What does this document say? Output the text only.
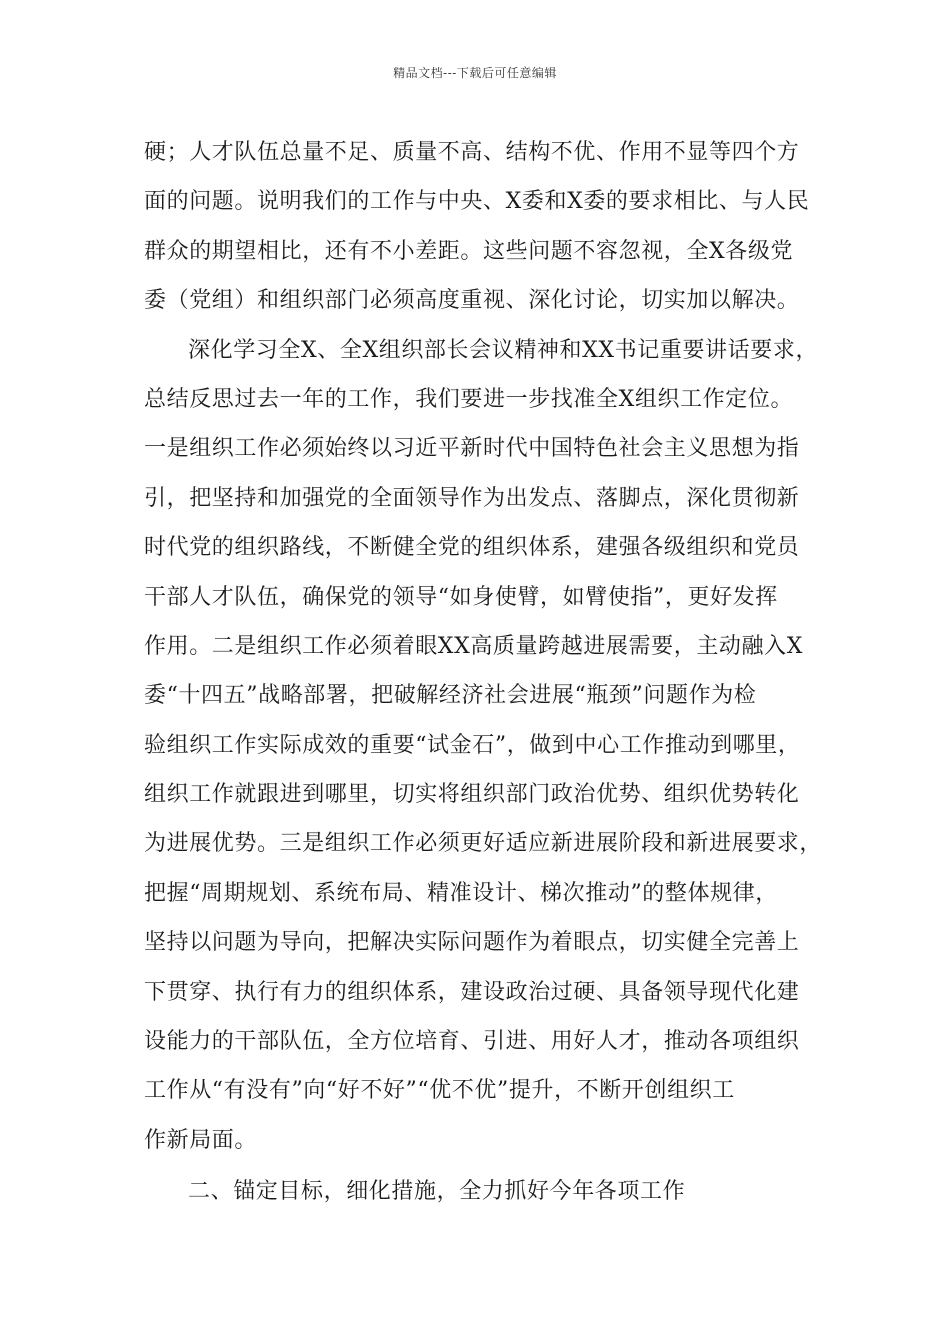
精品文档---下载后可任意编辑
硬；人才队伍总量不足、质量不高、结构不优、作用不显等四个方
面的问题。说明我们的工作与中央、X委和X委的要求相比、与人民
群众的期望相比，还有不小差距。这些问题不容忽视，全X各级党
委（党组）和组织部门必须高度重视、深化讨论，切实加以解决。
深化学习全X、全X组织部长会议精神和XX书记重要讲话要求，
总结反思过去一年的工作，我们要进一步找准全X组织工作定位。
一是组织工作必须始终以习近平新时代中国特色社会主义思想为指
引，把坚持和加强党的全面领导作为出发点、落脚点，深化贯彻新
时代党的组织路线，不断健全党的组织体系，建强各级组织和党员
干部人才队伍，确保党的领导“如身使臂，如臂使指”，更好发挥
作用。二是组织工作必须着眼XX高质量跨越进展需要，主动融入X
委“十四五”战略部署，把破解经济社会进展“瓶颈”问题作为检
验组织工作实际成效的重要“试金石”，做到中心工作推动到哪里，
组织工作就跟进到哪里，切实将组织部门政治优势、组织优势转化
为进展优势。三是组织工作必须更好适应新进展阶段和新进展要求，
把握“周期规划、系统布局、精准设计、梯次推动”的整体规律，
坚持以问题为导向，把解决实际问题作为着眼点，切实健全完善上
下贯穿、执行有力的组织体系，建设政治过硬、具备领导现代化建
设能力的干部队伍，全方位培育、引进、用好人才，推动各项组织
工作从“有没有”向“好不好”“优不优”提升，不断开创组织工
作新局面。
二、锚定目标，细化措施，全力抓好今年各项工作
